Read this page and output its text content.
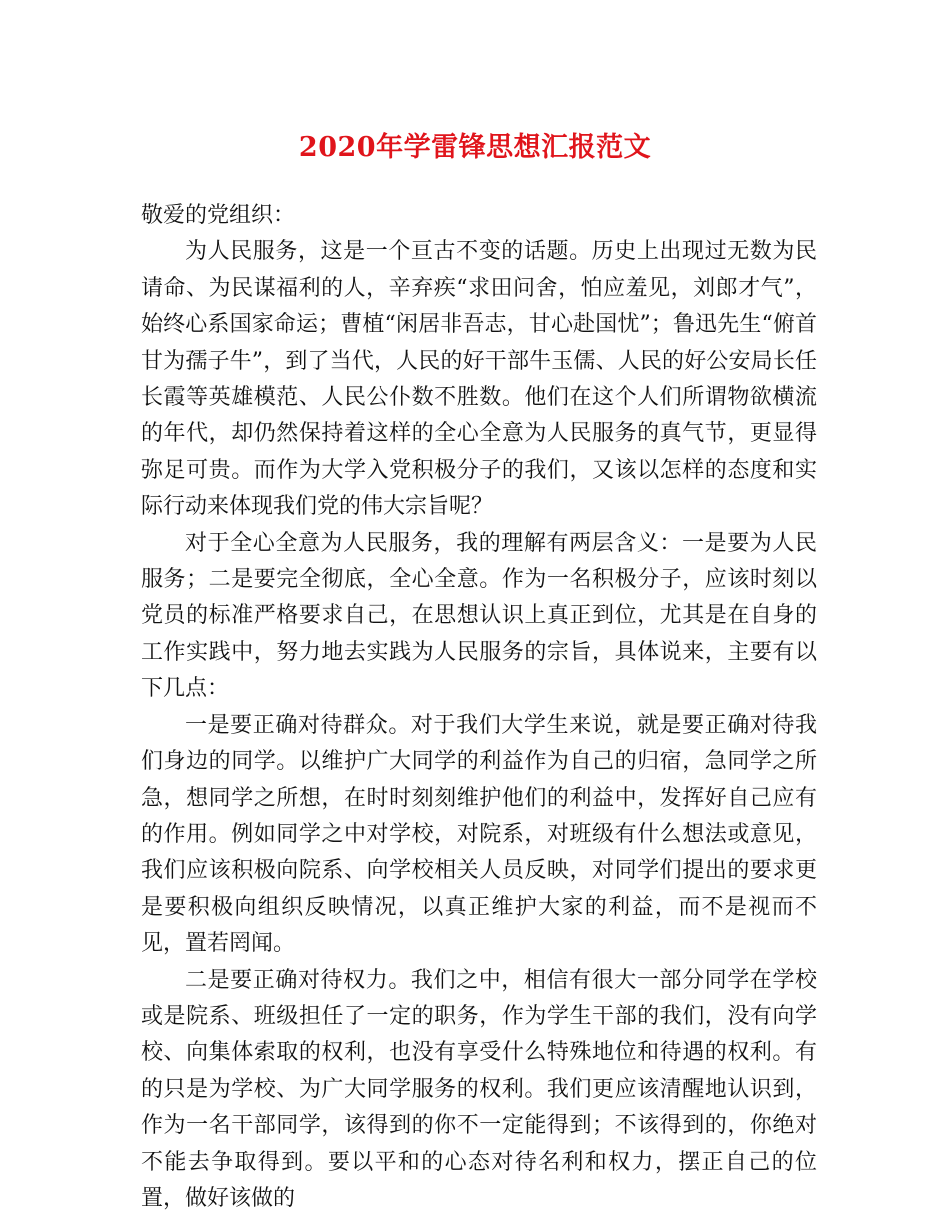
2020年学雷锋思想汇报范文

敬爱的党组织：

为人民服务，这是一个亘古不变的话题。历史上出现过无数为民请命、为民谋福利的人，辛弃疾“求田问舍，怕应羞见，刘郎才气”，始终心系国家命运；曹植“闲居非吾志，甘心赴国忧”；鲁迅先生“俯首甘为孺子牛”，到了当代，人民的好干部牛玉儒、人民的好公安局长任长霞等英雄模范、人民公仆数不胜数。他们在这个人们所谓物欲横流的年代，却仍然保持着这样的全心全意为人民服务的真气节，更显得弥足可贵。而作为大学入党积极分子的我们，又该以怎样的态度和实际行动来体现我们党的伟大宗旨呢？

对于全心全意为人民服务，我的理解有两层含义：一是要为人民服务；二是要完全彻底，全心全意。作为一名积极分子，应该时刻以党员的标准严格要求自己，在思想认识上真正到位，尤其是在自身的工作实践中，努力地去实践为人民服务的宗旨，具体说来，主要有以下几点：

一是要正确对待群众。对于我们大学生来说，就是要正确对待我们身边的同学。以维护广大同学的利益作为自己的归宿，急同学之所急，想同学之所想，在时时刻刻维护他们的利益中，发挥好自己应有的作用。例如同学之中对学校，对院系，对班级有什么想法或意见，我们应该积极向院系、向学校相关人员反映，对同学们提出的要求更是要积极向组织反映情况，以真正维护大家的利益，而不是视而不见，置若罔闻。

二是要正确对待权力。我们之中，相信有很大一部分同学在学校或是院系、班级担任了一定的职务，作为学生干部的我们，没有向学校、向集体索取的权利，也没有享受什么特殊地位和待遇的权利。有的只是为学校、为广大同学服务的权利。我们更应该清醒地认识到，作为一名干部同学，该得到的你不一定能得到；不该得到的，你绝对不能去争取得到。要以平和的心态对待名利和权力，摆正自己的位置，做好该做的
